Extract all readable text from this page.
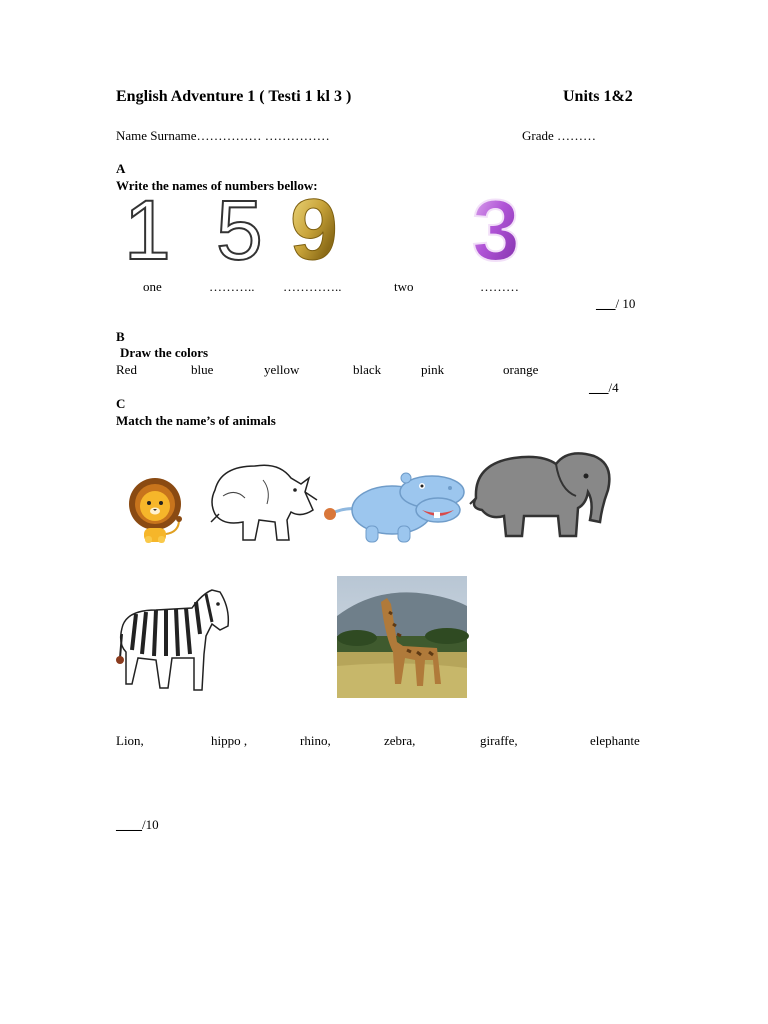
English Adventure 1 ( Testi 1 kl 3 )	Units 1&2
Name Surname…………… ……………	Grade ………
A
Write the names of numbers bellow:
1 5 9 3
one	……….. …………..	two	………
___/ 10
B
Draw the colors
Red	blue	yellow	black	pink	orange
___/4
C
Match the name’s of animals
Lion,	hippo ,	rhino,	zebra,	giraffe,	elephante
____/10
